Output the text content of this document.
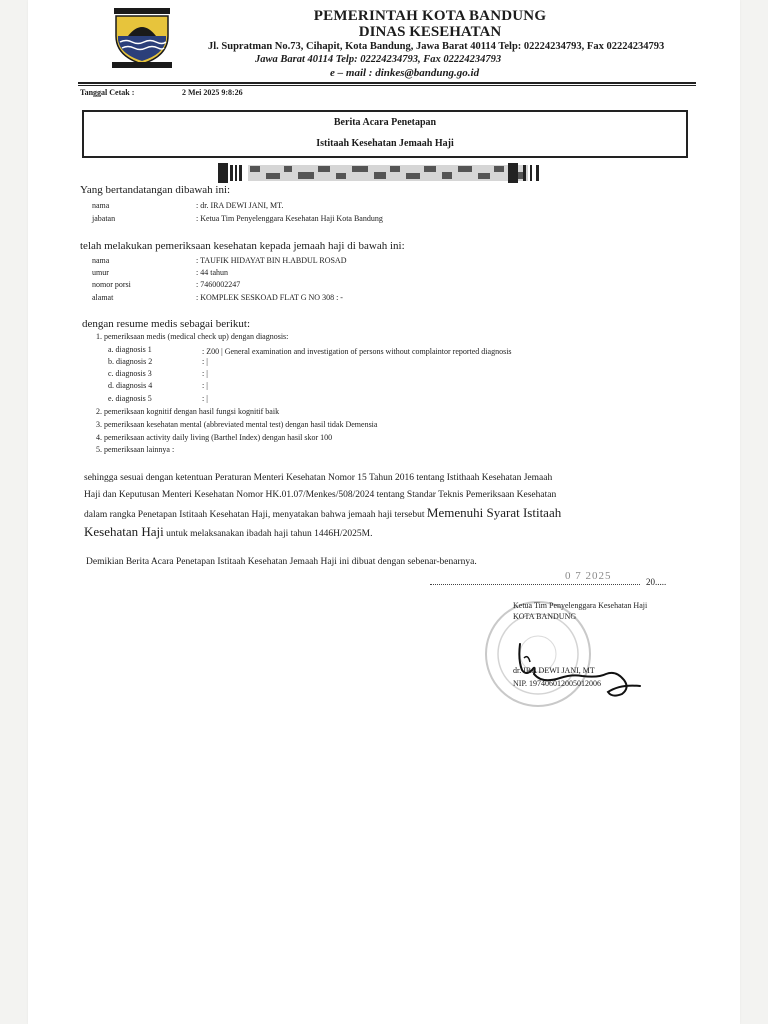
PEMERINTAH KOTA BANDUNG
DINAS KESEHATAN
Jl. Supratman No.73, Cihapit, Kota Bandung, Jawa Barat 40114 Telp: 02224234793, Fax 02224234793
Jawa Barat 40114 Telp: 02224234793, Fax 02224234793
e – mail : dinkes@bandung.go.id
Tanggal Cetak :	2 Mei 2025 9:8:26
Berita Acara Penetapan
Istitaah Kesehatan Jemaah Haji
Yang bertandatangan dibawah ini:
nama	: dr. IRA DEWI JANI, MT.
jabatan	: Ketua Tim Penyelenggara Kesehatan Haji Kota Bandung
telah melakukan pemeriksaan kesehatan kepada jemaah haji di bawah ini:
nama	: TAUFIK HIDAYAT BIN H.ABDUL ROSAD
umur	: 44 tahun
nomor porsi	: 7460002247
alamat	: KOMPLEK SESKOAD FLAT G NO 308 : -
dengan resume medis sebagai berikut:
1. pemeriksaan medis (medical check up) dengan diagnosis:
a. diagnosis 1	: Z00 | General examination and investigation of persons without complaintor reported diagnosis
b. diagnosis 2	: |
c. diagnosis 3	: |
d. diagnosis 4	: |
e. diagnosis 5	: |
2. pemeriksaan kognitif dengan hasil fungsi kognitif baik
3. pemeriksaan kesehatan mental (abbreviated mental test) dengan hasil tidak Demensia
4. pemeriksaan activity daily living (Barthel Index) dengan hasil skor 100
5. pemeriksaan lainnya :
sehingga sesuai dengan ketentuan Peraturan Menteri Kesehatan Nomor 15 Tahun 2016 tentang Istithaah Kesehatan Jemaah
Haji dan Keputusan Menteri Kesehatan Nomor HK.01.07/Menkes/508/2024 tentang Standar Teknis Pemeriksaan Kesehatan
dalam rangka Penetapan Istitaah Kesehatan Haji, menyatakan bahwa jemaah haji tersebut Memenuhi Syarat Istitaah
Kesehatan Haji untuk melaksanakan ibadah haji tahun 1446H/2025M.
Demikian Berita Acara Penetapan Istitaah Kesehatan Jemaah Haji ini dibuat dengan sebenar-benarnya.
0 7 2025	20.....
Ketua Tim Penyelenggara Kesehatan Haji
KOTA BANDUNG
dr. IRA DEWI JANI, MT
NIP. 197406012005012006
